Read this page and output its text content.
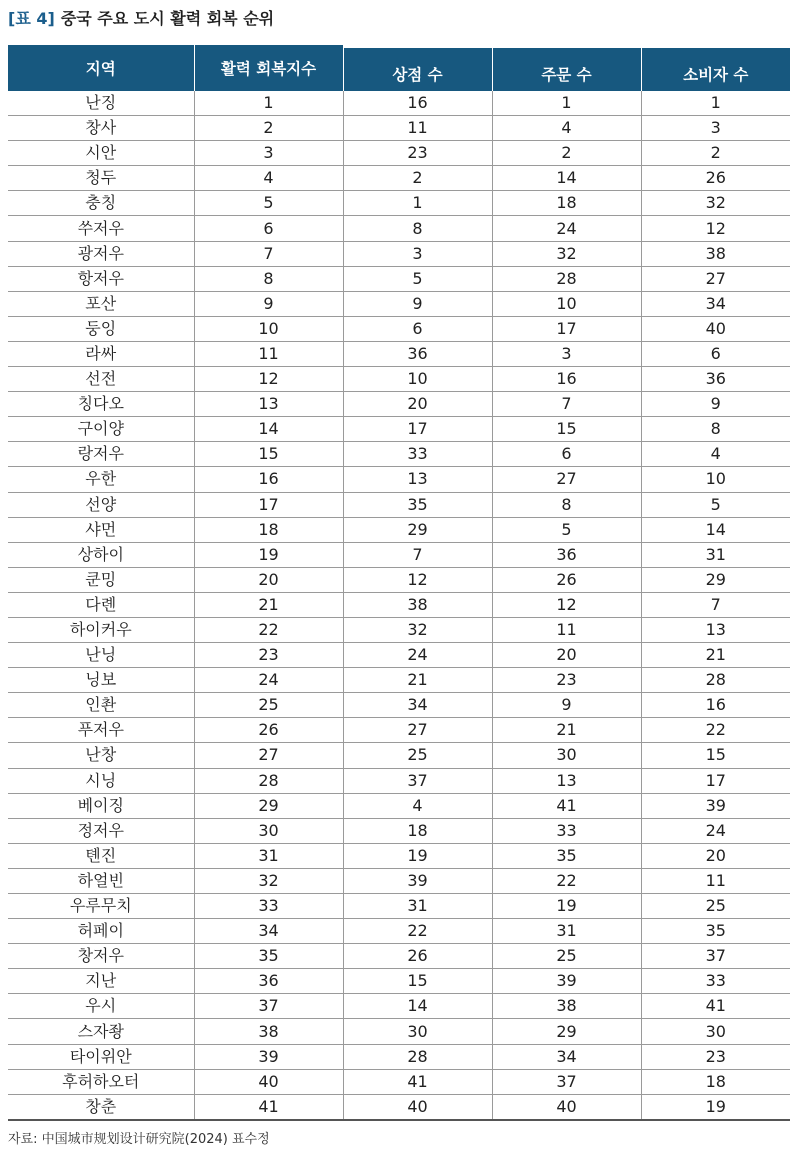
[표 4] 중국 주요 도시 활력 회복 순위
지역	활력 회복지수	상점 수	주문 수	소비자 수
난징	1	16	1	1
창사	2	11	4	3
시안	3	23	2	2
청두	4	2	14	26
충칭	5	1	18	32
쑤저우	6	8	24	12
광저우	7	3	32	38
항저우	8	5	28	27
포산	9	9	10	34
둥잉	10	6	17	40
라싸	11	36	3	6
선전	12	10	16	36
칭다오	13	20	7	9
구이양	14	17	15	8
랑저우	15	33	6	4
우한	16	13	27	10
선양	17	35	8	5
샤먼	18	29	5	14
상하이	19	7	36	31
쿤밍	20	12	26	29
다롄	21	38	12	7
하이커우	22	32	11	13
난닝	23	24	20	21
닝보	24	21	23	28
인촨	25	34	9	16
푸저우	26	27	21	22
난창	27	25	30	15
시닝	28	37	13	17
베이징	29	4	41	39
정저우	30	18	33	24
톈진	31	19	35	20
하얼빈	32	39	22	11
우루무치	33	31	19	25
허페이	34	22	31	35
창저우	35	26	25	37
지난	36	15	39	33
우시	37	14	38	41
스자좡	38	30	29	30
타이위안	39	28	34	23
후허하오터	40	41	37	18
창춘	41	40	40	19
자료: 中国城市规划设计研究院(2024) 표수정
